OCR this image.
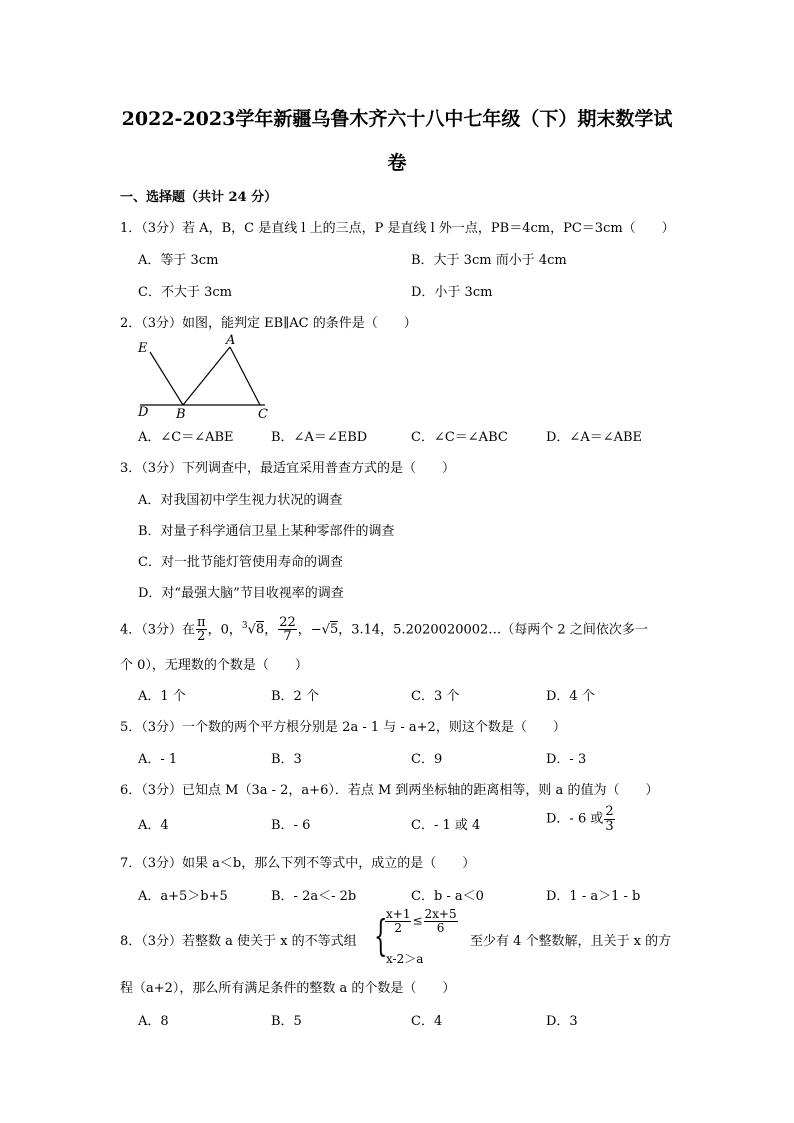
2022-2023学年新疆乌鲁木齐六十八中七年级（下）期末数学试
卷
一、选择题（共计 24 分）
1．（3分）若 A，B，C 是直线 l 上的三点，P 是直线 l 外一点，PB＝4cm，PC＝3cm（　　）
A．等于 3cm	B．大于 3cm 而小于 4cm
C．不大于 3cm	D．小于 3cm
2．（3分）如图，能判定 EB∥AC 的条件是（　　）
E
A
D B	C
A．∠C＝∠ABE	B．∠A＝∠EBD	C．∠C＝∠ABC	D．∠A＝∠ABE
3．（3分）下列调查中，最适宜采用普查方式的是（　　）
A．对我国初中学生视力状况的调查
B．对量子科学通信卫星上某种零部件的调查
C．对一批节能灯管使用寿命的调查
D．对“最强大脑”节目收视率的调查
4．（3分）在 $\frac{\pi}{2}$ ，0，$^3$√8， $\frac{22}{7}$ ，−√5，3.14，5.2020020002…（每两个 2 之间依次多一
个 0），无理数的个数是（　　）
A．1 个	B．2 个	C．3 个	D．4 个
5．（3分）一个数的两个平方根分别是 2a - 1 与 - a+2，则这个数是（　　）
A．- 1	B．3	C．9	D．- 3
6．（3分）已知点 M（3a - 2，a+6）．若点 M 到两坐标轴的距离相等，则 a 的值为（　　）
A．4	B．- 6	C．- 1 或 4	D．- 6 或 $\frac{2}{3}$
7．（3分）如果 a＜b，那么下列不等式中，成立的是（　　）
A．a+5＞b+5	B．- 2a＜- 2b	C．b - a＜0	D．1 - a＞1 - b
8．（3分）若整数 a 使关于 x 的不等式组 {
$\frac{x+1}{2} \le \frac{2x+5}{6}$
x-2＞a
至少有 4 个整数解，且关于 x 的方
程（a+2），那么所有满足条件的整数 a 的个数是（　　）
A．8	B．5	C．4	D．3
